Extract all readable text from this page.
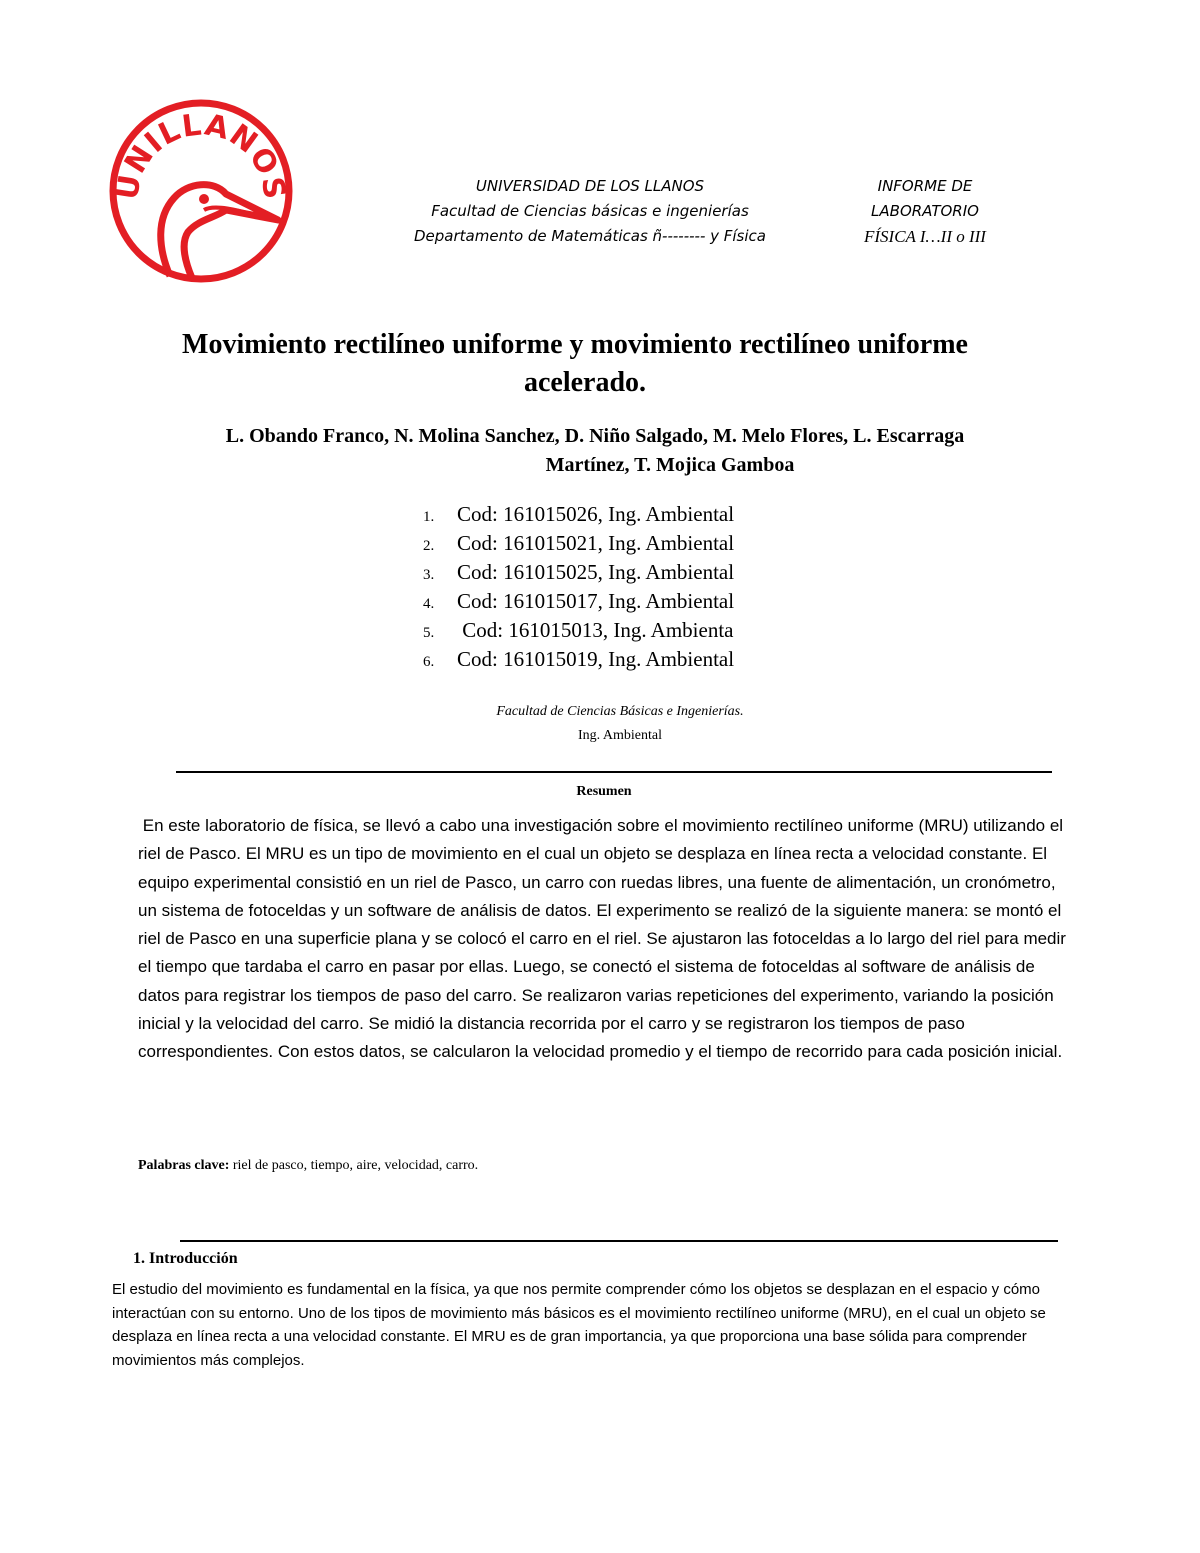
UNILLANOS	UNIVERSIDAD DE LOS LLANOS
Facultad de Ciencias básicas e ingenierías
Departamento de Matemáticas ñ-------- y Física
INFORME DE
LABORATORIO
FÍSICA I…II o III
Movimiento rectilíneo uniforme y movimiento rectilíneo uniforme
acelerado.
L. Obando Franco, N. Molina Sanchez, D. Niño Salgado, M. Melo Flores, L. Escarraga
Martínez, T. Mojica Gamboa
1.	Cod: 161015026, Ing. Ambiental
2.	Cod: 161015021, Ing. Ambiental
3.	Cod: 161015025, Ing. Ambiental
4.	Cod: 161015017, Ing. Ambiental
5.	Cod: 161015013, Ing. Ambienta
6.	Cod: 161015019, Ing. Ambiental
Facultad de Ciencias Básicas e Ingenierías.
Ing. Ambiental
Resumen
En este laboratorio de física, se llevó a cabo una investigación sobre el movimiento rectilíneo uniforme (MRU) utilizando el riel de Pasco. El MRU es un tipo de movimiento en el cual un objeto se desplaza en línea recta a velocidad constante. El equipo experimental consistió en un riel de Pasco, un carro con ruedas libres, una fuente de alimentación, un cronómetro, un sistema de fotoceldas y un software de análisis de datos. El experimento se realizó de la siguiente manera: se montó el riel de Pasco en una superficie plana y se colocó el carro en el riel. Se ajustaron las fotoceldas a lo largo del riel para medir el tiempo que tardaba el carro en pasar por ellas. Luego, se conectó el sistema de fotoceldas al software de análisis de datos para registrar los tiempos de paso del carro. Se realizaron varias repeticiones del experimento, variando la posición inicial y la velocidad del carro. Se midió la distancia recorrida por el carro y se registraron los tiempos de paso correspondientes. Con estos datos, se calcularon la velocidad promedio y el tiempo de recorrido para cada posición inicial.
Palabras clave: riel de pasco, tiempo, aire, velocidad, carro.
1. Introducción
El estudio del movimiento es fundamental en la física, ya que nos permite comprender cómo los objetos se desplazan en el espacio y cómo interactúan con su entorno. Uno de los tipos de movimiento más básicos es el movimiento rectilíneo uniforme (MRU), en el cual un objeto se desplaza en línea recta a una velocidad constante. El MRU es de gran importancia, ya que proporciona una base sólida para comprender movimientos más complejos.
